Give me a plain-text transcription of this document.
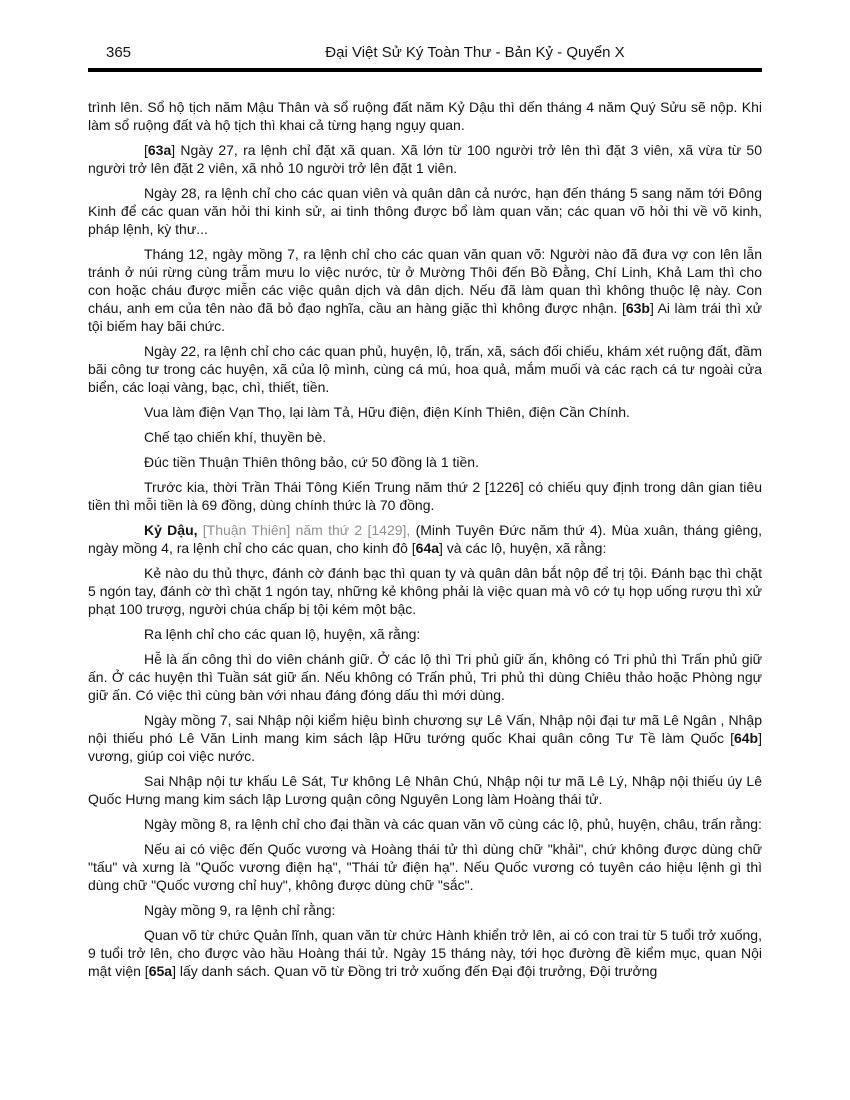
365	Đại Việt Sử Ký Toàn Thư - Bản Kỷ - Quyển X

trình lên. Sổ hộ tịch năm Mậu Thân và sổ ruộng đất năm Kỷ Dậu thì dến tháng 4 năm Quý Sửu sẽ nộp. Khi làm sổ ruộng đất và hộ tịch thì khai cả từng hạng ngụy quan.

[63a] Ngày 27, ra lệnh chỉ đặt xã quan. Xã lớn từ 100 người trở lên thì đặt 3 viên, xã vừa từ 50 người trở lên đặt 2 viên, xã nhỏ 10 người trở lên đặt 1 viên.

Ngày 28, ra lệnh chỉ cho các quan viên và quân dân cả nước, hạn đến tháng 5 sang năm tới Đông Kinh để các quan văn hỏi thi kinh sử, ai tinh thông được bổ làm quan văn; các quan võ hỏi thi về võ kinh, pháp lệnh, kỳ thư...

Tháng 12, ngày mồng 7, ra lệnh chỉ cho các quan văn quan võ: Người nào đã đưa vợ con lên lẫn tránh ở núi rừng cùng trẫm mưu lo việc nước, từ ở Mường Thôi đến Bồ Đằng, Chí Linh, Khả Lam thì cho con hoặc cháu được miễn các việc quân dịch và dân dịch. Nếu đã làm quan thì không thuộc lệ này. Con cháu, anh em của tên nào đã bỏ đạo nghĩa, cầu an hàng giặc thì không được nhận. [63b] Ai làm trái thì xử tội biếm hay bãi chức.

Ngày 22, ra lệnh chỉ cho các quan phủ, huyện, lộ, trấn, xã, sách đối chiếu, khám xét ruộng đất, đầm bãi công tư trong các huyện, xã của lộ mình, cùng cá mú, hoa quả, mắm muối và các rạch cá tư ngoài cửa biển, các loại vàng, bạc, chì, thiết, tiền.

Vua làm điện Vạn Thọ, lại làm Tả, Hữu điện, điện Kính Thiên, điện Cần Chính.

Chế tạo chiến khí, thuyền bè.

Đúc tiền Thuận Thiên thông bảo, cứ 50 đồng là 1 tiền.

Trước kia, thời Trần Thái Tông Kiến Trung năm thứ 2 [1226] có chiếu quy định trong dân gian tiêu tiền thì mỗi tiền là 69 đồng, dùng chính thức là 70 đồng.

Kỷ Dậu, [Thuận Thiên] năm thứ 2 [1429], (Minh Tuyên Đức năm thứ 4). Mùa xuân, tháng giêng, ngày mồng 4, ra lệnh chỉ cho các quan, cho kinh đô [64a] và các lộ, huyện, xã rằng:

Kẻ nào du thủ thực, đánh cờ đánh bạc thì quan ty và quân dân bắt nộp để trị tội. Đánh bạc thì chặt 5 ngón tay, đánh cờ thì chặt 1 ngón tay, những kẻ không phải là việc quan mà vô cớ tụ họp uống rượu thì xử phạt 100 trượg, người chúa chấp bị tội kém một bậc.

Ra lệnh chỉ cho các quan lộ, huyện, xã rằng:

Hễ là ấn công thì do viên chánh giữ. Ở các lộ thì Tri phủ giữ ấn, không có Tri phủ thì Trấn phủ giữ ấn. Ở các huyện thì Tuần sát giữ ấn. Nếu không có Trấn phủ, Tri phủ thì dùng Chiêu thảo hoặc Phòng ngự giữ ấn. Có việc thì cùng bàn với nhau đáng đóng dấu thì mới dùng.

Ngày mồng 7, sai Nhập nội kiểm hiệu bình chương sự Lê Vấn, Nhập nội đại tư mã Lê Ngân , Nhập nội thiếu phó Lê Văn Linh mang kim sách lập Hữu tướng quốc Khai quân công Tư Tề làm Quốc [64b] vương, giúp coi việc nước.

Sai Nhập nội tư khấu Lê Sát, Tư không Lê Nhân Chú, Nhập nội tư mã Lê Lý, Nhập nội thiếu úy Lê Quốc Hưng mang kim sách lập Lương quận công Nguyên Long làm Hoàng thái tử.

Ngày mồng 8, ra lệnh chỉ cho đại thần và các quan văn võ cùng các lộ, phủ, huyện, châu, trấn rằng:

Nếu ai có việc đến Quốc vương và Hoàng thái tử thì dùng chữ "khải", chứ không được dùng chữ "tấu" và xưng là "Quốc vương điện hạ", "Thái tử điện hạ". Nếu Quốc vương có tuyên cáo hiệu lệnh gì thì dùng chữ "Quốc vương chỉ huy", không được dùng chữ "sắc".

Ngày mồng 9, ra lệnh chỉ rằng:

Quan võ từ chức Quản lĩnh, quan văn từ chức Hành khiển trở lên, ai có con trai từ 5 tuổi trở xuống, 9 tuổi trở lên, cho được vào hầu Hoàng thái tử. Ngày 15 tháng này, tới học đường đề kiểm mục, quan Nội mật viện [65a] lấy danh sách. Quan võ từ Đồng tri trở xuống đến Đại đội trưởng, Đội trưởng
